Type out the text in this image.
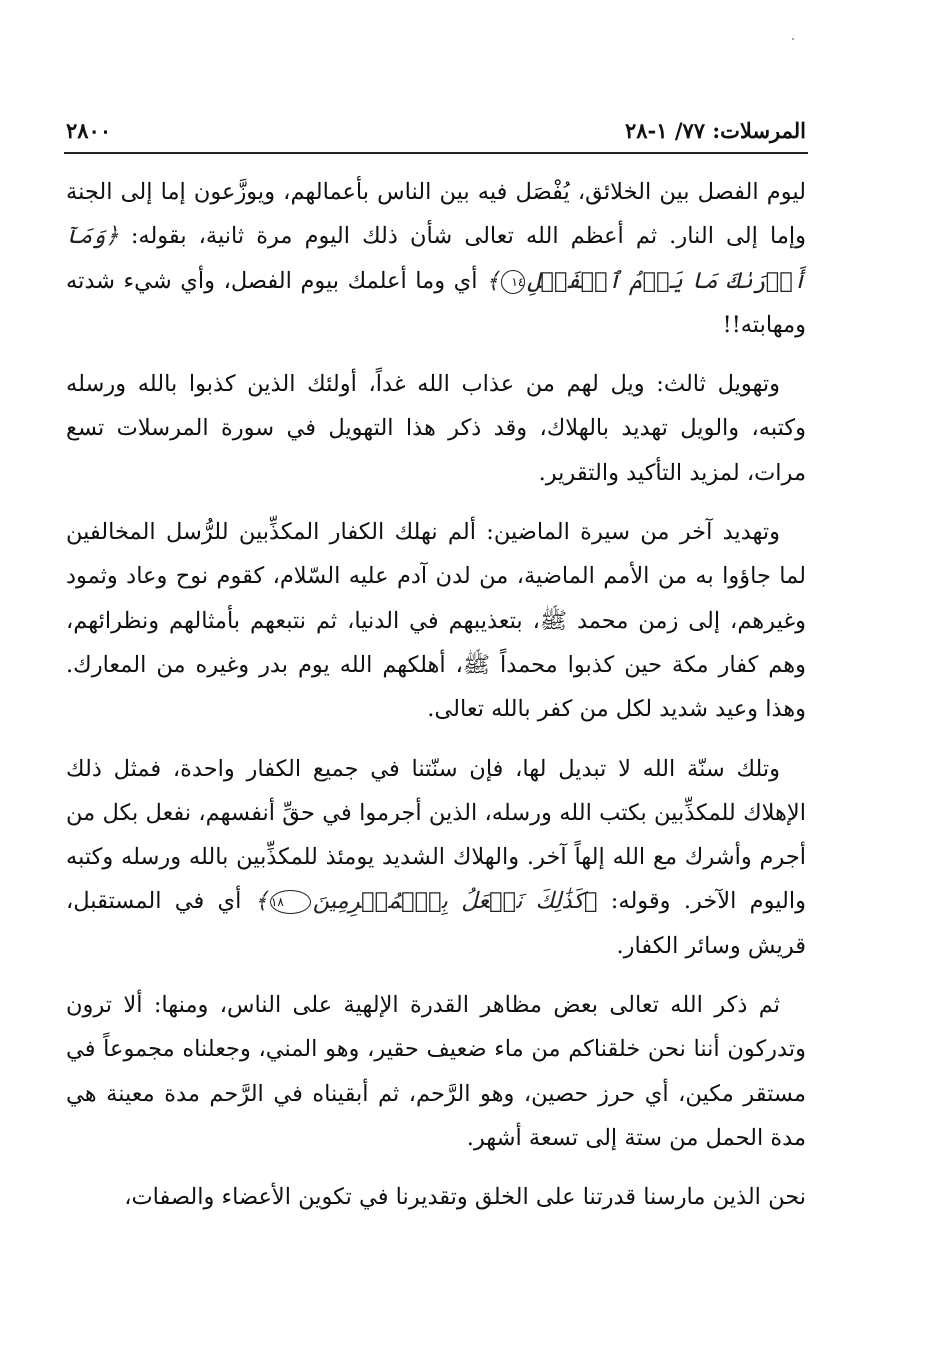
المرسلات: ٧٧/ ١-٢٨
٢٨٠٠

ليوم الفصل بين الخلائق، يُفْصَل فيه بين الناس بأعمالهم، ويوزَّعون إما إلى الجنة وإما إلى النار. ثم أعظم الله تعالى شأن ذلك اليوم مرة ثانية، بقوله: ﴿وَمَآ أَدۡرَىٰكَ مَا يَوۡمُ ٱلۡفَصۡلِ١٤﴾ أي وما أعلمك بيوم الفصل، وأي شيء شدته ومهابته!!

وتهويل ثالث: ويل لهم من عذاب الله غداً، أولئك الذين كذبوا بالله ورسله وكتبه، والويل تهديد بالهلاك، وقد ذكر هذا التهويل في سورة المرسلات تسع مرات، لمزيد التأكيد والتقرير.

وتهديد آخر من سيرة الماضين: ألم نهلك الكفار المكذِّبين للرُّسل المخالفين لما جاؤوا به من الأمم الماضية، من لدن آدم عليه السّلام، كقوم نوح وعاد وثمود وغيرهم، إلى زمن محمد ﷺ، بتعذيبهم في الدنيا، ثم نتبعهم بأمثالهم ونظرائهم، وهم كفار مكة حين كذبوا محمداً ﷺ، أهلكهم الله يوم بدر وغيره من المعارك. وهذا وعيد شديد لكل من كفر بالله تعالى.

وتلك سنّة الله لا تبديل لها، فإن سنّتنا في جميع الكفار واحدة، فمثل ذلك الإهلاك للمكذِّبين بكتب الله ورسله، الذين أجرموا في حقِّ أنفسهم، نفعل بكل من أجرم وأشرك مع الله إلهاً آخر. والهلاك الشديد يومئذ للمكذِّبين بالله ورسله وكتبه واليوم الآخر. وقوله: ﴿كَذَٰلِكَ نَفۡعَلُ بِٱلۡمُجۡرِمِينَ١٨﴾ أي في المستقبل، قريش وسائر الكفار.

ثم ذكر الله تعالى بعض مظاهر القدرة الإلهية على الناس، ومنها: ألا ترون وتدركون أننا نحن خلقناكم من ماء ضعيف حقير، وهو المني، وجعلناه مجموعاً في مستقر مكين، أي حرز حصين، وهو الرَّحم، ثم أبقيناه في الرَّحم مدة معينة هي مدة الحمل من ستة إلى تسعة أشهر.

نحن الذين مارسنا قدرتنا على الخلق وتقديرنا في تكوين الأعضاء والصفات،
